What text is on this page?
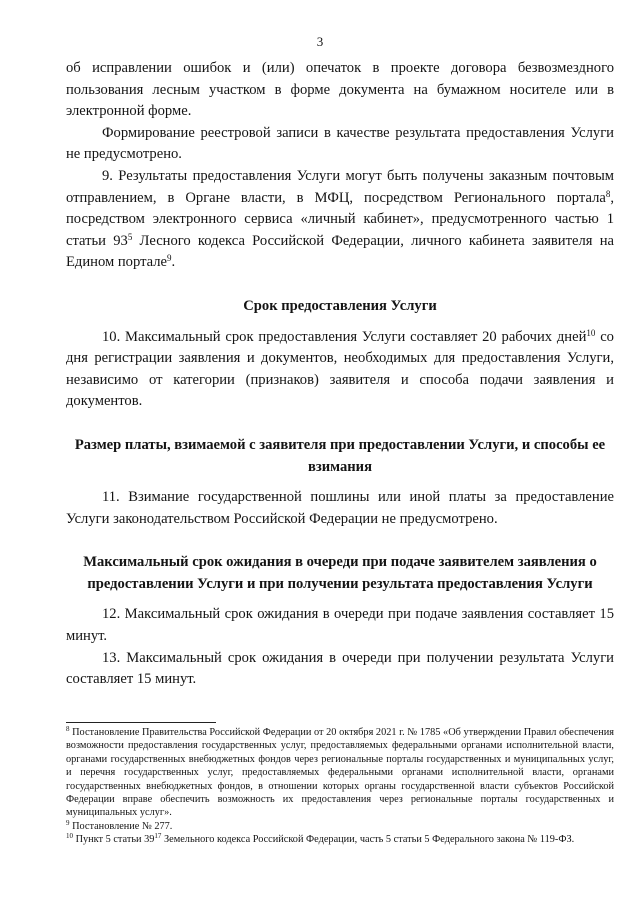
3

об исправлении ошибок и (или) опечаток в проекте договора безвозмездного пользования лесным участком в форме документа на бумажном носителе или в электронной форме.

Формирование реестровой записи в качестве результата предоставления Услуги не предусмотрено.

9. Результаты предоставления Услуги могут быть получены заказным почтовым отправлением, в Органе власти, в МФЦ, посредством Регионального портала$^8$, посредством электронного сервиса «личный кабинет», предусмотренного частью 1 статьи $93^5$ Лесного кодекса Российской Федерации, личного кабинета заявителя на Едином портале$^9$.

Срок предоставления Услуги

10. Максимальный срок предоставления Услуги составляет 20 рабочих дней$^{10}$ со дня регистрации заявления и документов, необходимых для предоставления Услуги, независимо от категории (признаков) заявителя и способа подачи заявления и документов.

Размер платы, взимаемой с заявителя при предоставлении Услуги, и способы ее взимания

11. Взимание государственной пошлины или иной платы за предоставление Услуги законодательством Российской Федерации не предусмотрено.

Максимальный срок ожидания в очереди при подаче заявителем заявления о предоставлении Услуги и при получении результата предоставления Услуги

12. Максимальный срок ожидания в очереди при подаче заявления составляет 15 минут.

13. Максимальный срок ожидания в очереди при получении результата Услуги составляет 15 минут.

$^8$ Постановление Правительства Российской Федерации от 20 октября 2021 г. № 1785 «Об утверждении Правил обеспечения возможности предоставления государственных услуг, предоставляемых федеральными органами исполнительной власти, органами государственных внебюджетных фондов через региональные порталы государственных и муниципальных услуг, и перечня государственных услуг, предоставляемых федеральными органами исполнительной власти, органами государственных внебюджетных фондов, в отношении которых органы государственной власти субъектов Российской Федерации вправе обеспечить возможность их предоставления через региональные порталы государственных и муниципальных услуг».

$^9$ Постановление № 277.

$^{10}$ Пункт 5 статьи $39^{17}$ Земельного кодекса Российской Федерации, часть 5 статьи 5 Федерального закона № 119-ФЗ.
